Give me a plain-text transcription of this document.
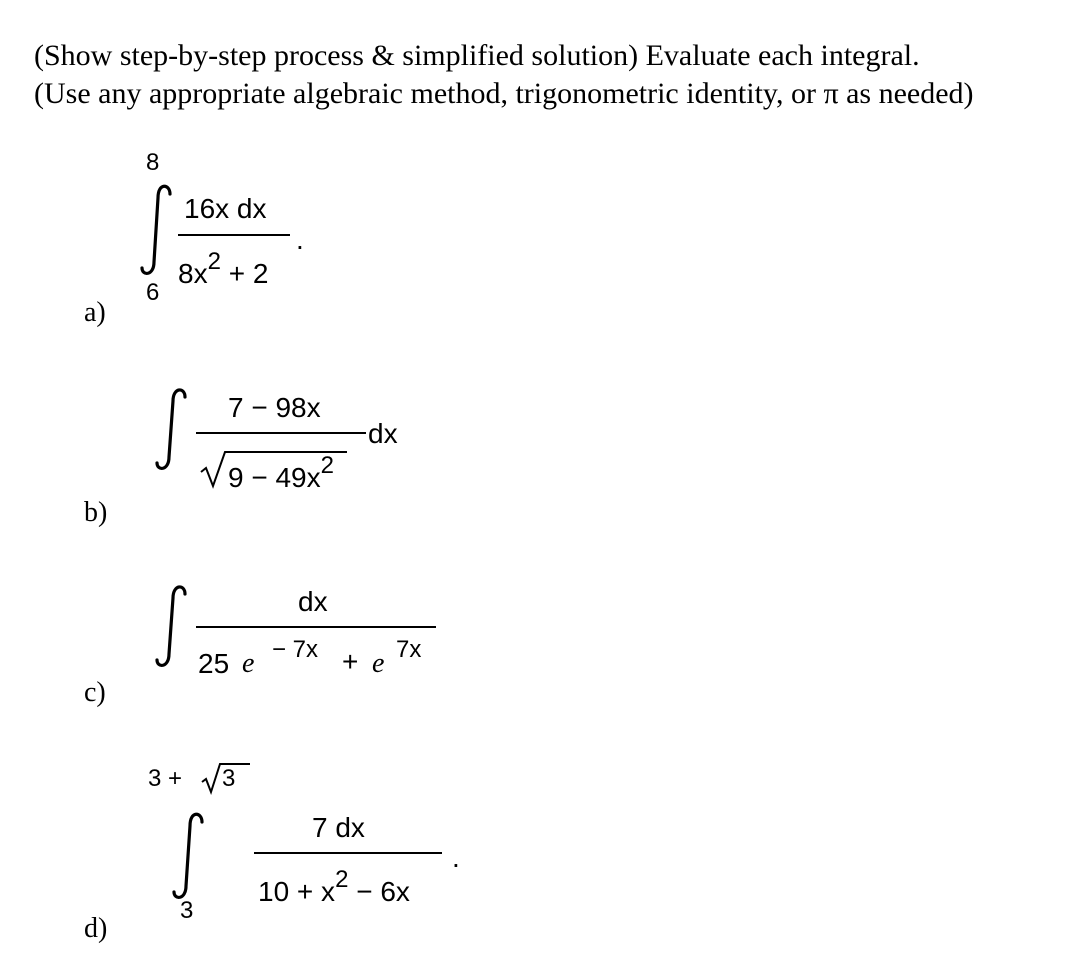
(Show step-by-step process & simplified solution) Evaluate each integral.
(Use any appropriate algebraic method, trigonometric identity, or π as needed)
8
6
16x dx
8x2 + 2
.
a)
7 − 98x
9 − 49x2
dx
b)
dx
25 e − 7x + e 7x
c)
3 + 3
3
7 dx
10 + x2 − 6x
.
d)
